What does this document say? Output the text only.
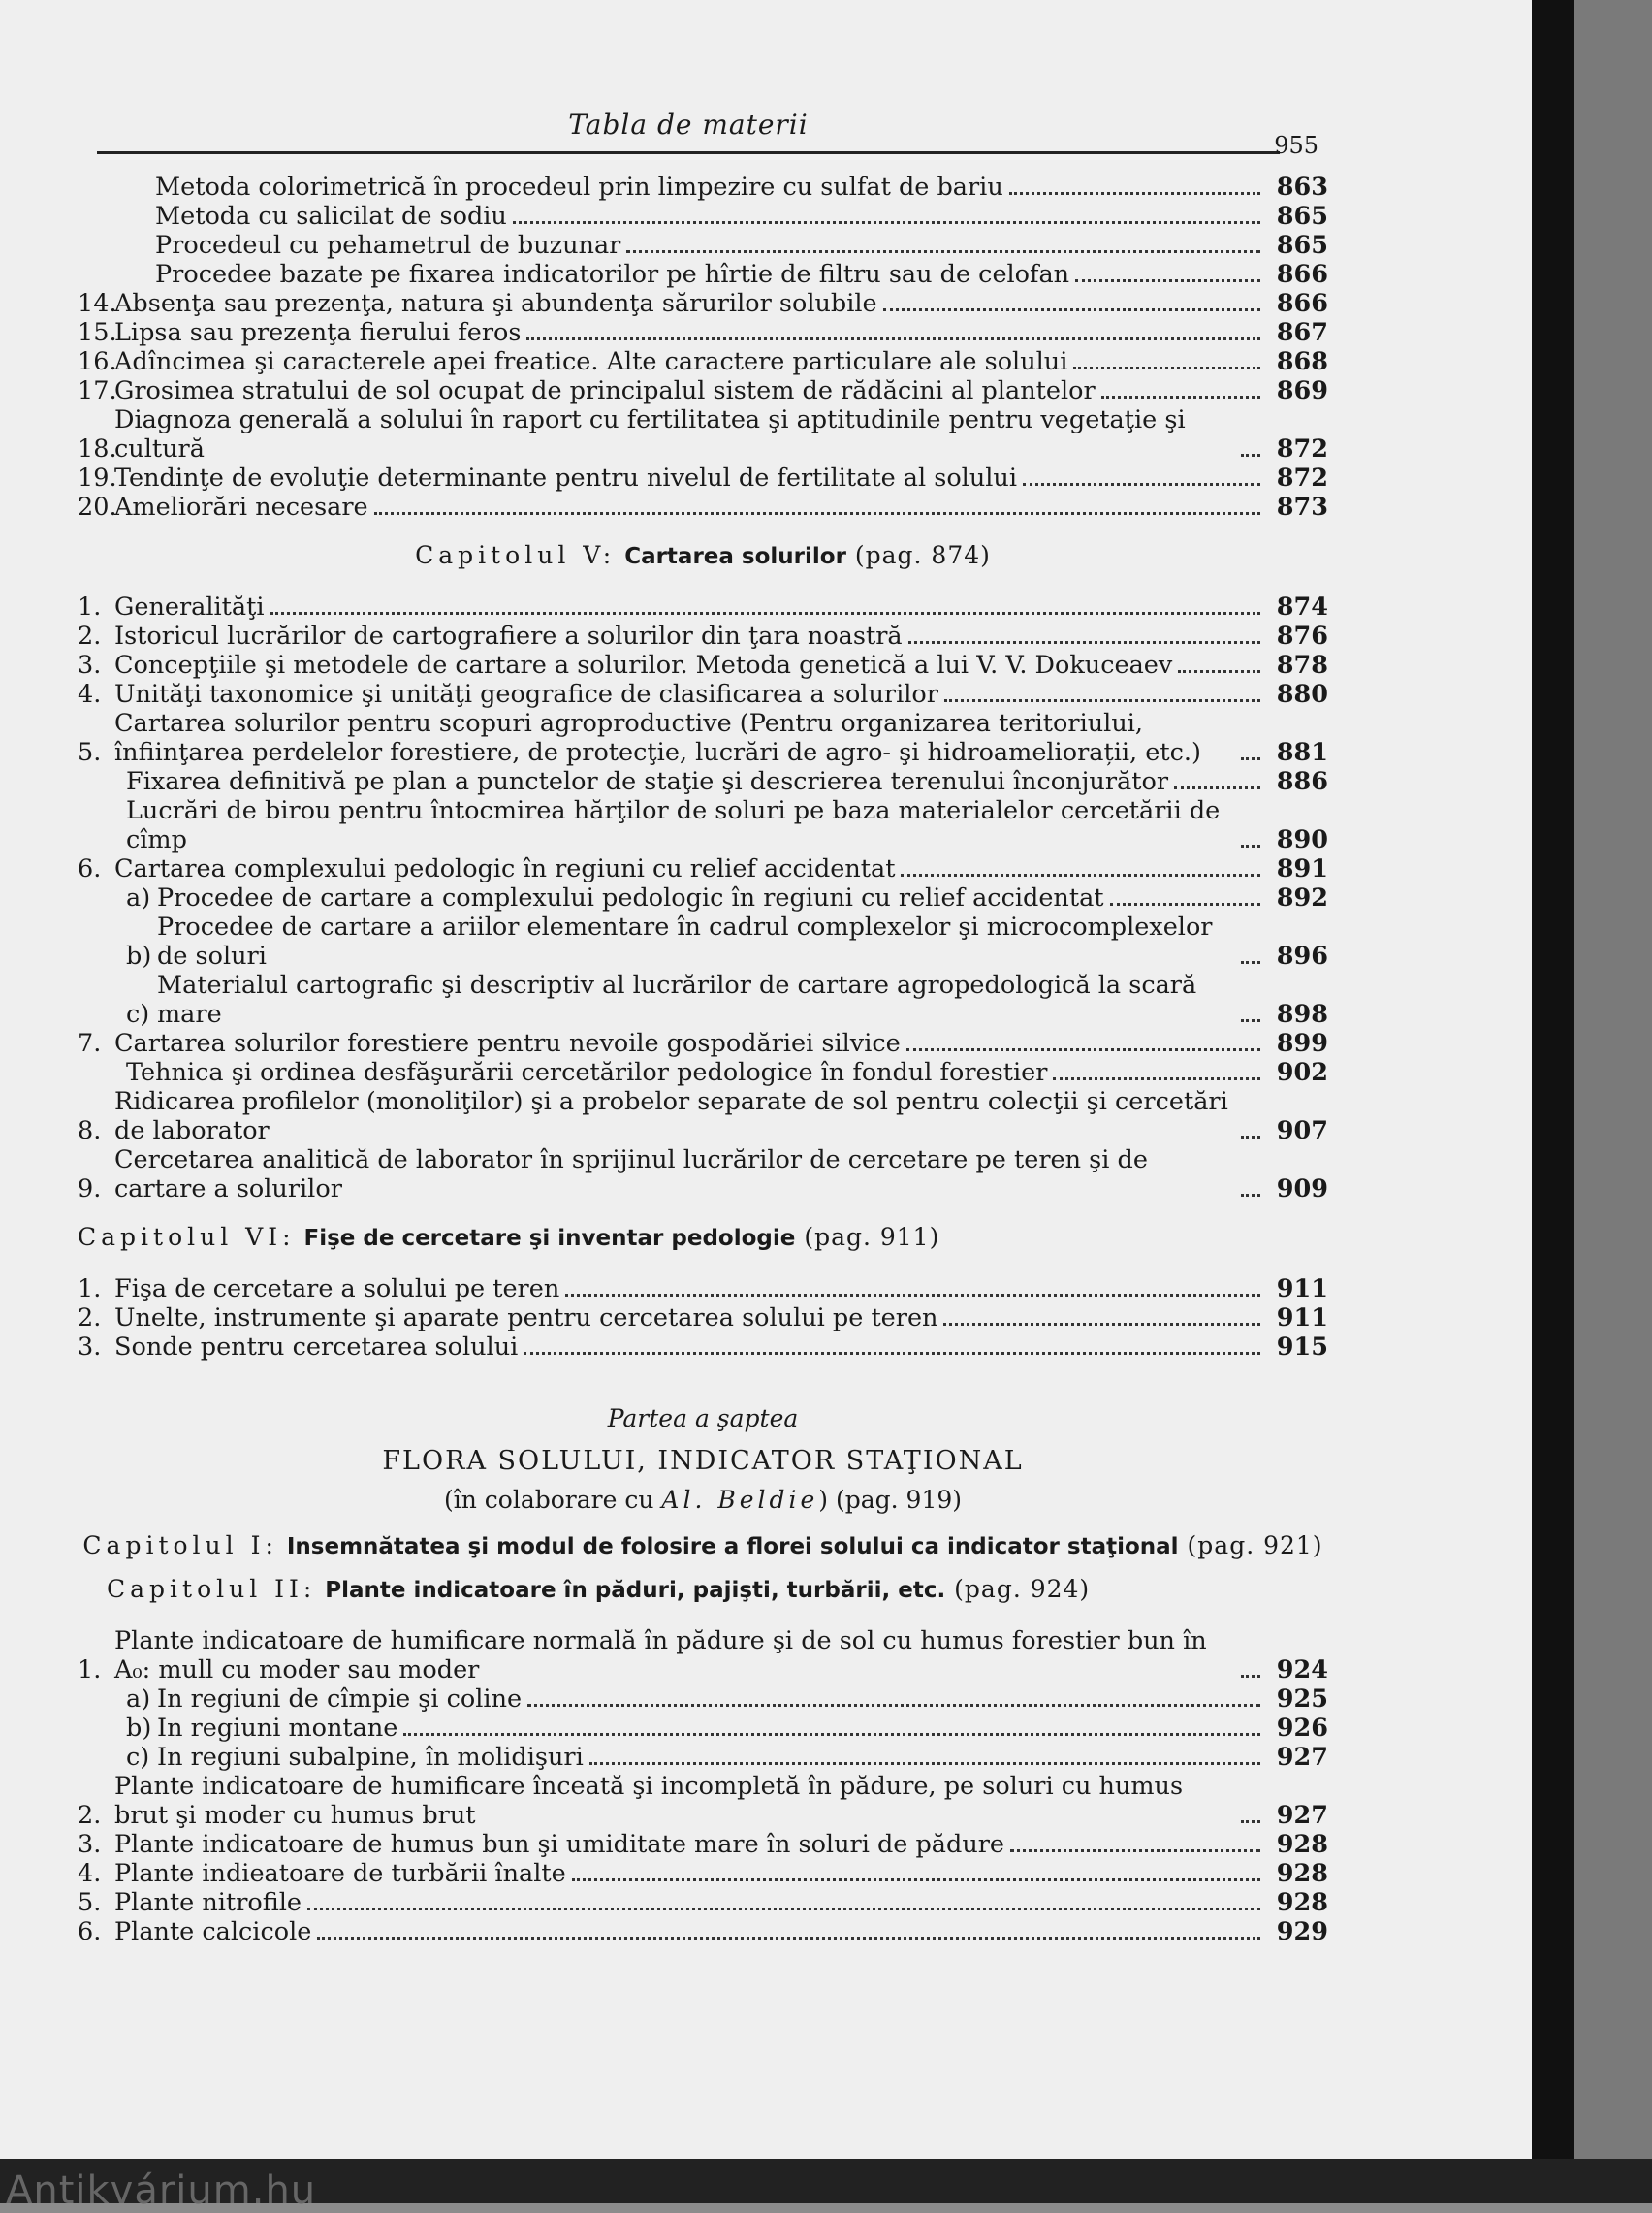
Tabla de materii
955
Metoda colorimetrică în procedeul prin limpezire cu sulfat de bariu	863
Metoda cu salicilat de sodiu	865
Procedeul cu pehametrul de buzunar	865
Procedee bazate pe fixarea indicatorilor pe hîrtie de filtru sau de celofan	866
14.
Absenţa sau prezenţa, natura şi abundenţa sărurilor solubile	866
15.
Lipsa sau prezenţa fierului feros	867
16.
Adîncimea şi caracterele apei freatice. Alte caractere particulare ale solului	868
17.
Grosimea stratului de sol ocupat de principalul sistem de rădăcini al plantelor	869
18.
Diagnoza generală a solului în raport cu fertilitatea şi aptitudinile pentru vegetaţie şi cultură	872
19.
Tendinţe de evoluţie determinante pentru nivelul de fertilitate al solului	872
20.
Ameliorări necesare	873
Capitolul V: Cartarea solurilor (pag. 874)
1. Generalităţi	874
2. Istoricul lucrărilor de cartografiere a solurilor din ţara noastră	876
3. Concepţiile şi metodele de cartare a solurilor. Metoda genetică a lui V. V. Dokuceaev	878
4. Unităţi taxonomice şi unităţi geografice de clasificarea a solurilor	880
5.
Cartarea solurilor pentru scopuri agroproductive (Pentru organizarea teritoriului, înfiinţarea perdelelor forestiere, de protecţie, lucrări de agro- şi hidroameliorații, etc.)	881
Fixarea definitivă pe plan a punctelor de staţie şi descrierea terenului înconjurător	886
Lucrări de birou pentru întocmirea hărţilor de soluri pe baza materialelor cercetării de cîmp	890
6. Cartarea complexului pedologic în regiuni cu relief accidentat	891
a) Procedee de cartare a complexului pedologic în regiuni cu relief accidentat	892
b)
Procedee de cartare a ariilor elementare în cadrul complexelor şi microcomplexelor de soluri	896
c)
Materialul cartografic şi descriptiv al lucrărilor de cartare agropedologică la scară mare	898
7. Cartarea solurilor forestiere pentru nevoile gospodăriei silvice	899
Tehnica şi ordinea desfăşurării cercetărilor pedologice în fondul forestier	902
8.
Ridicarea profilelor (monoliţilor) şi a probelor separate de sol pentru colecţii şi cercetări de laborator	907
9.
Cercetarea analitică de laborator în sprijinul lucrărilor de cercetare pe teren şi de cartare a solurilor	909
Capitolul VI: Fişe de cercetare şi inventar pedologie (pag. 911)
1. Fişa de cercetare a solului pe teren	911
2. Unelte, instrumente şi aparate pentru cercetarea solului pe teren	911
3. Sonde pentru cercetarea solului	915
Partea a şaptea
FLORA SOLULUI, INDICATOR STAŢIONAL
(în colaborare cu Al. Beldie) (pag. 919)
Capitolul I: Insemnătatea şi modul de folosire a florei solului ca indicator staţional (pag. 921)
Capitolul II: Plante indicatoare în păduri, pajişti, turbării, etc. (pag. 924)
1.
Plante indicatoare de humificare normală în pădure şi de sol cu humus forestier bun în A₀: mull cu moder sau moder	924
a) In regiuni de cîmpie şi coline	925
b) In regiuni montane	926
c) In regiuni subalpine, în molidişuri	927
2.
Plante indicatoare de humificare înceată şi incompletă în pădure, pe soluri cu humus brut şi moder cu humus brut	927
3. Plante indicatoare de humus bun şi umiditate mare în soluri de pădure	928
4. Plante indieatoare de turbării înalte	928
5. Plante nitrofile	928
6. Plante calcicole	929
Antikvárium.hu
